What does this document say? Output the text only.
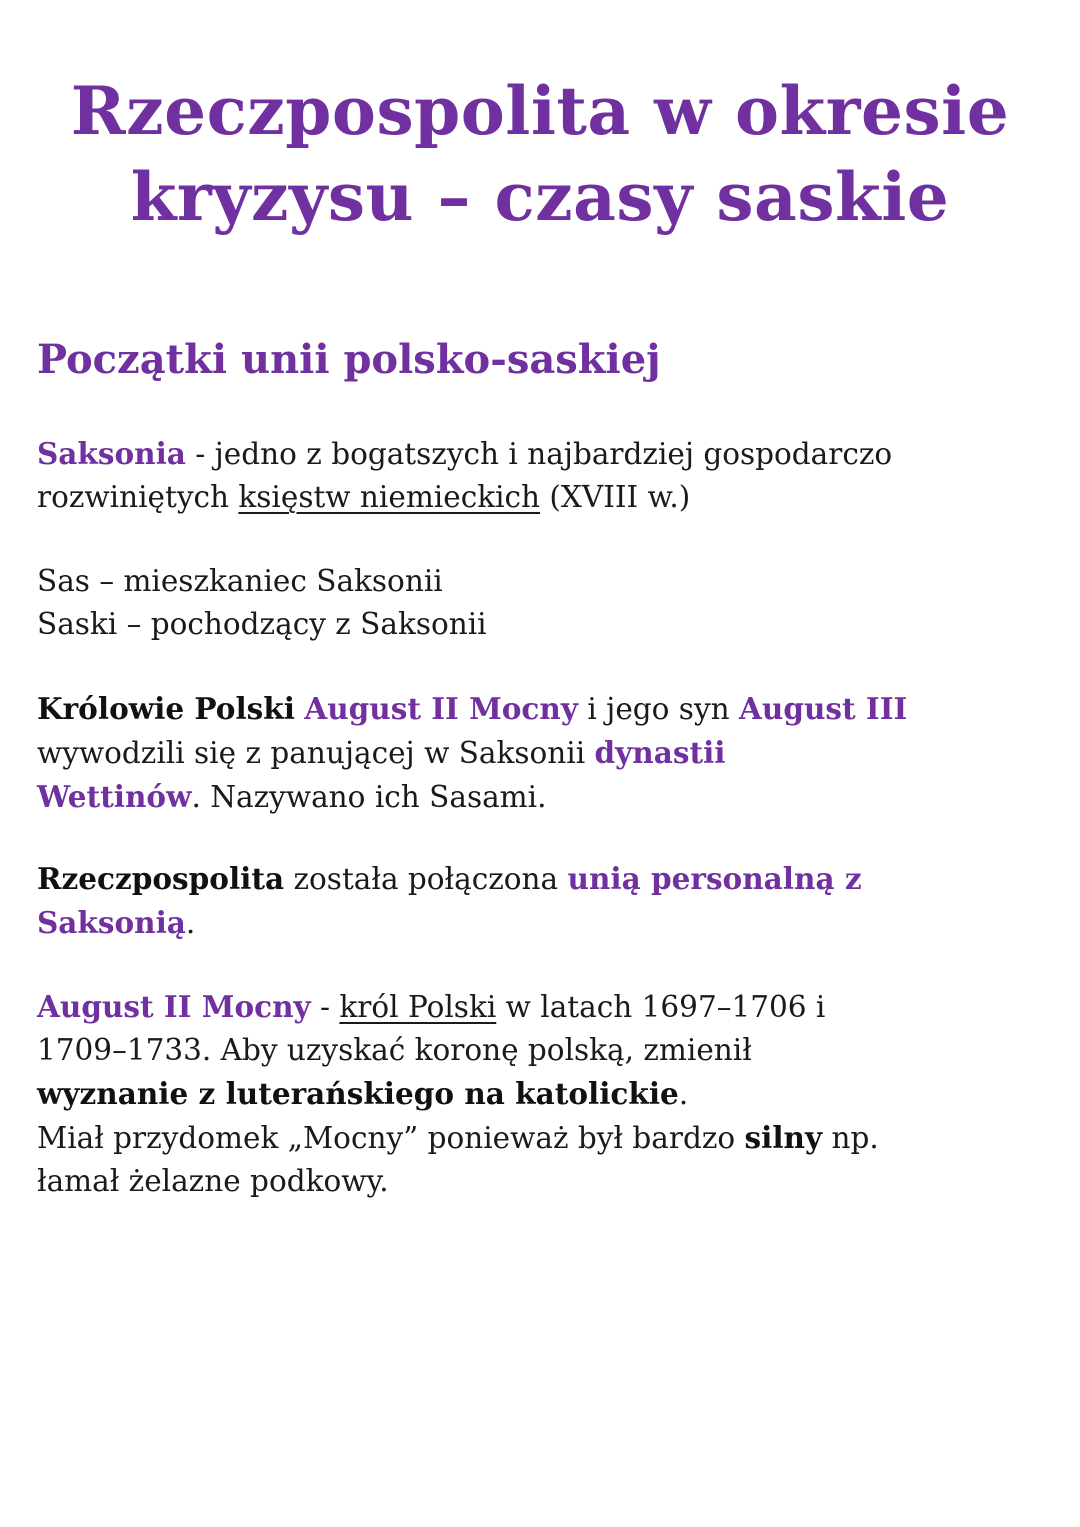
Rzeczpospolita w okresie
kryzysu – czasy saskie
Początki unii polsko-saskiej

Saksonia - jedno z bogatszych i najbardziej gospodarczo
rozwiniętych księstw niemieckich (XVIII w.)

Sas – mieszkaniec Saksonii
Saski – pochodzący z Saksonii

Królowie Polski August II Mocny i jego syn August III
wywodzili się z panującej w Saksonii dynastii
Wettinów. Nazywano ich Sasami.

Rzeczpospolita została połączona unią personalną z
Saksonią.

August II Mocny - król Polski w latach 1697–1706 i
1709–1733. Aby uzyskać koronę polską, zmienił
wyznanie z luterańskiego na katolickie.
Miał przydomek „Mocny” ponieważ był bardzo silny np.
łamał żelazne podkowy.
